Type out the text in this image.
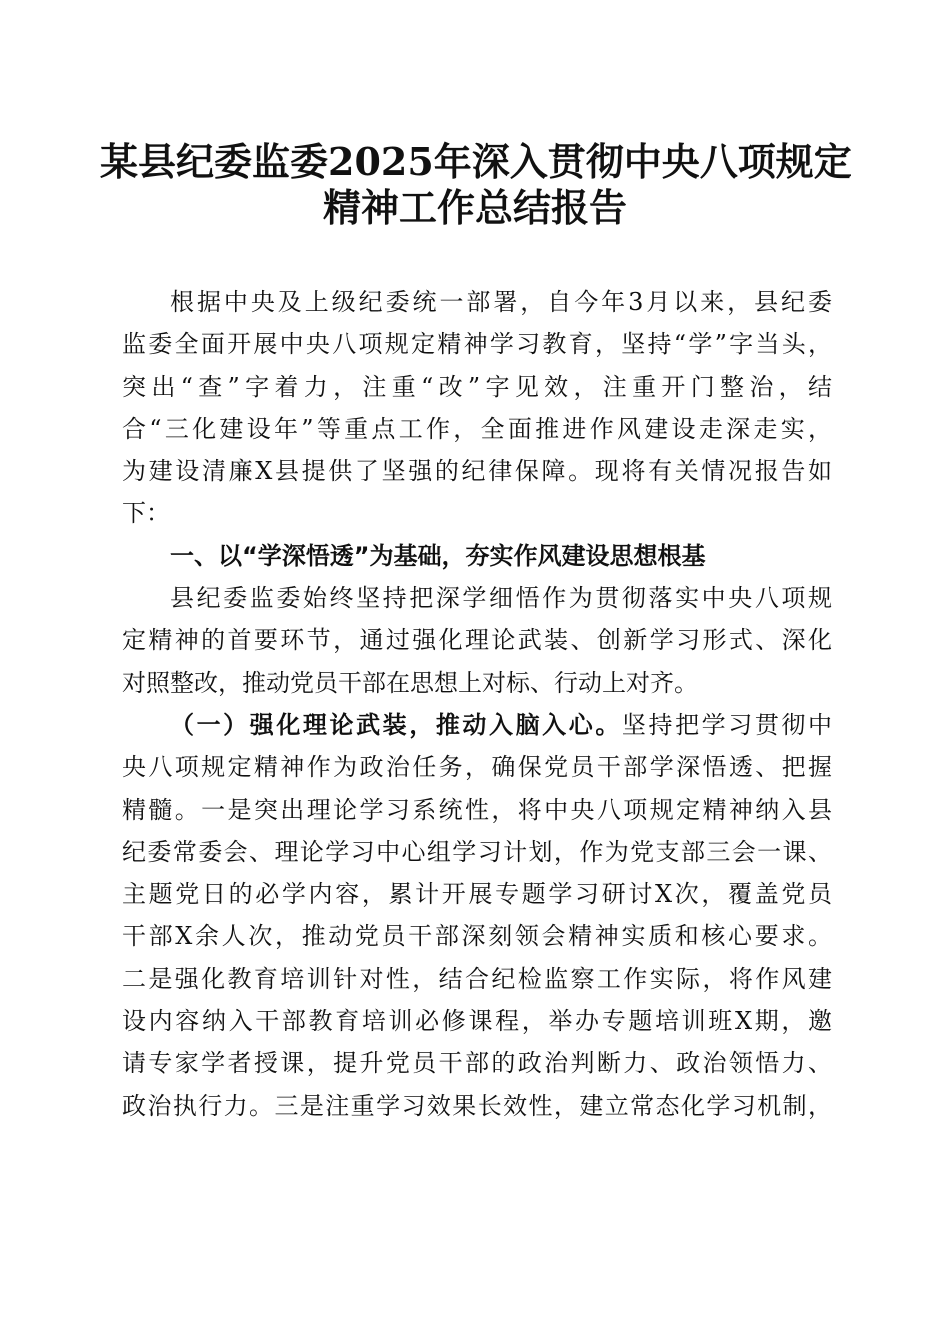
某县纪委监委2025年深入贯彻中央八项规定
精神工作总结报告
根据中央及上级纪委统一部署，自今年3月以来，县纪委
监委全面开展中央八项规定精神学习教育，坚持“学”字当头，
突出“查”字着力，注重“改”字见效，注重开门整治，结
合“三化建设年”等重点工作，全面推进作风建设走深走实，
为建设清廉X县提供了坚强的纪律保障。现将有关情况报告如
下：
一、以“学深悟透”为基础，夯实作风建设思想根基
县纪委监委始终坚持把深学细悟作为贯彻落实中央八项规
定精神的首要环节，通过强化理论武装、创新学习形式、深化
对照整改，推动党员干部在思想上对标、行动上对齐。
（一）强化理论武装，推动入脑入心。坚持把学习贯彻中
央八项规定精神作为政治任务，确保党员干部学深悟透、把握
精髓。一是突出理论学习系统性，将中央八项规定精神纳入县
纪委常委会、理论学习中心组学习计划，作为党支部三会一课、
主题党日的必学内容，累计开展专题学习研讨X次，覆盖党员
干部X余人次，推动党员干部深刻领会精神实质和核心要求。
二是强化教育培训针对性，结合纪检监察工作实际，将作风建
设内容纳入干部教育培训必修课程，举办专题培训班X期，邀
请专家学者授课，提升党员干部的政治判断力、政治领悟力、
政治执行力。三是注重学习效果长效性，建立常态化学习机制，
